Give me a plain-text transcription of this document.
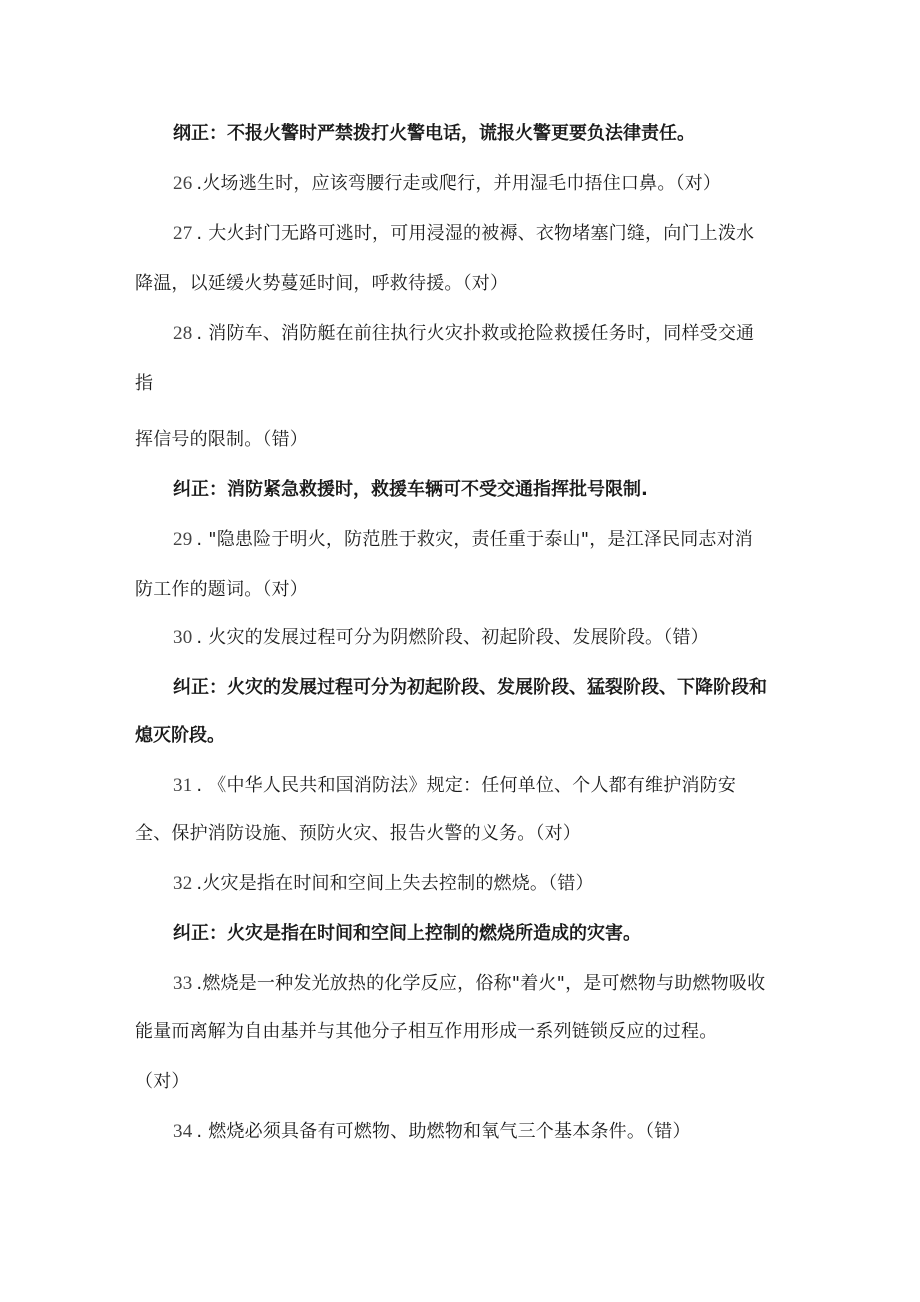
纲正：不报火警时严禁拨打火警电话，谎报火警更要负法律责任。
26 .火场逃生时，应该弯腰行走或爬行，并用湿毛巾捂住口鼻。（对）
27 . 大火封门无路可逃时，可用浸湿的被褥、衣物堵塞门缝，向门上泼水
降温，以延缓火势蔓延时间，呼救待援。（对）
28 . 消防车、消防艇在前往执行火灾扑救或抢险救援任务时，同样受交通
指
挥信号的限制。（错）
纠正：消防紧急救援时，救援车辆可不受交通指挥批号限制.
29 . "隐患险于明火，防范胜于救灾，责任重于泰山"，是江泽民同志对消
防工作的题词。（对）
30 . 火灾的发展过程可分为阴燃阶段、初起阶段、发展阶段。（错）
纠正：火灾的发展过程可分为初起阶段、发展阶段、猛裂阶段、下降阶段和
熄灭阶段。
31 . 《中华人民共和国消防法》规定：任何单位、个人都有维护消防安
全、保护消防设施、预防火灾、报告火警的义务。（对）
32 .火灾是指在时间和空间上失去控制的燃烧。（错）
纠正：火灾是指在时间和空间上控制的燃烧所造成的灾害。
33 .燃烧是一种发光放热的化学反应，俗称"着火"，是可燃物与助燃物吸收
能量而离解为自由基并与其他分子相互作用形成一系列链锁反应的过程。
（对）
34 . 燃烧必须具备有可燃物、助燃物和氧气三个基本条件。（错）
